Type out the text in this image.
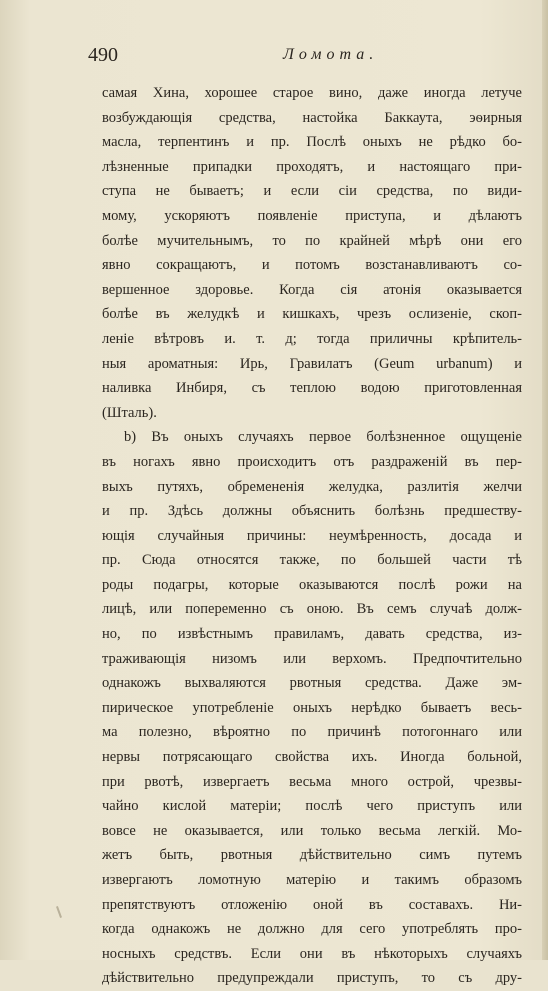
490	Ломота.
самая Хина, хорошее старое вино, даже иногда летуче
возбуждающія средства, настойка Баккаута, эѳирныя
масла, терпентинъ и пр. Послѣ оныхъ не рѣдко бо-
лѣзненные припадки проходятъ, и настоящаго при-
ступа не бываетъ; и если сіи средства, по види-
мому, ускоряютъ появленіе приступа, и дѣлаютъ
болѣе мучительнымъ, то по крайней мѣрѣ они его
явно сокращаютъ, и потомъ возстанавливаютъ со-
вершенное здоровье. Когда сія атонія оказывается
болѣе въ желудкѣ и кишкахъ, чрезъ ослизеніе, скоп-
леніе вѣтровъ и. т. д; тогда приличны крѣпитель-
ныя ароматныя: Ирь, Гравилатъ (Geum urbanum) и
наливка Инбиря, съ теплою водою приготовленная
(Шталь).
b) Въ оныхъ случаяхъ первое болѣзненное ощущеніе
въ ногахъ явно происходитъ отъ раздраженій въ пер-
выхъ путяхъ, обремененія желудка, разлитія желчи
и пр. Здѣсь должны объяснить болѣзнь предшеству-
ющія случайныя причины: неумѣренность, досада и
пр. Сюда относятся также, по большей части тѣ
роды подагры, которые оказываются послѣ рожи на
лицѣ, или попеременно съ оною. Въ семъ случаѣ долж-
но, по извѣстнымъ правиламъ, давать средства, из-
траживающія низомъ или верхомъ. Предпочтительно
однакожъ выхваляются рвотныя средства. Даже эм-
пирическое употребленіе оныхъ нерѣдко бываетъ весь-
ма полезно, вѣроятно по причинѣ потогоннаго или
нервы потрясающаго свойства ихъ. Иногда больной,
при рвотѣ, извергаетъ весьма много острой, чрезвы-
чайно кислой матеріи; послѣ чего приступъ или
вовсе не оказывается, или только весьма легкій. Мо-
жетъ быть, рвотныя дѣйствительно симъ путемъ
извергаютъ ломотную матерію и такимъ образомъ
препятствуютъ отложенію оной въ составахъ. Ни-
когда однакожъ не должно для сего употреблять про-
носныхъ средствъ. Если они въ нѣкоторыхъ случаяхъ
дѣйствительно предупреждали приступъ, то съ дру-
